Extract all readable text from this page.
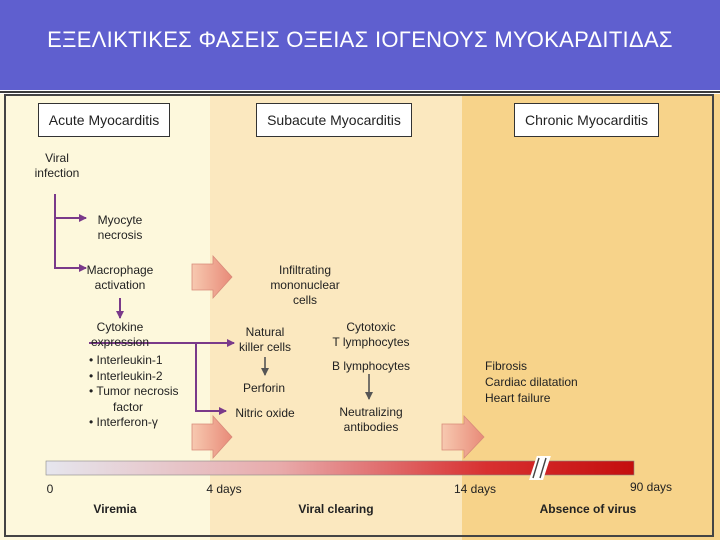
ΕΞΕΛΙΚΤΙΚΕΣ ΦΑΣΕΙΣ ΟΞΕΙΑΣ ΙΟΓΕΝΟΥΣ ΜΥΟΚΑΡΔΙΤΙΔΑΣ
Acute Myocarditis	Subacute Myocarditis	Chronic Myocarditis
Viral
infection
Myocyte
necrosis
Macrophage
activation
Cytokine
expression
• Interleukin-1
• Interleukin-2
• Tumor necrosis
factor
• Interferon-γ
Infiltrating
mononuclear
cells
Natural
killer cells
Cytotoxic
T lymphocytes
B lymphocytes
Perforin
Nitric oxide	Neutralizing
antibodies
Fibrosis
Cardiac dilatation
Heart failure
0	4 days	14 days	90 days
Viremia	Viral clearing	Absence of virus
